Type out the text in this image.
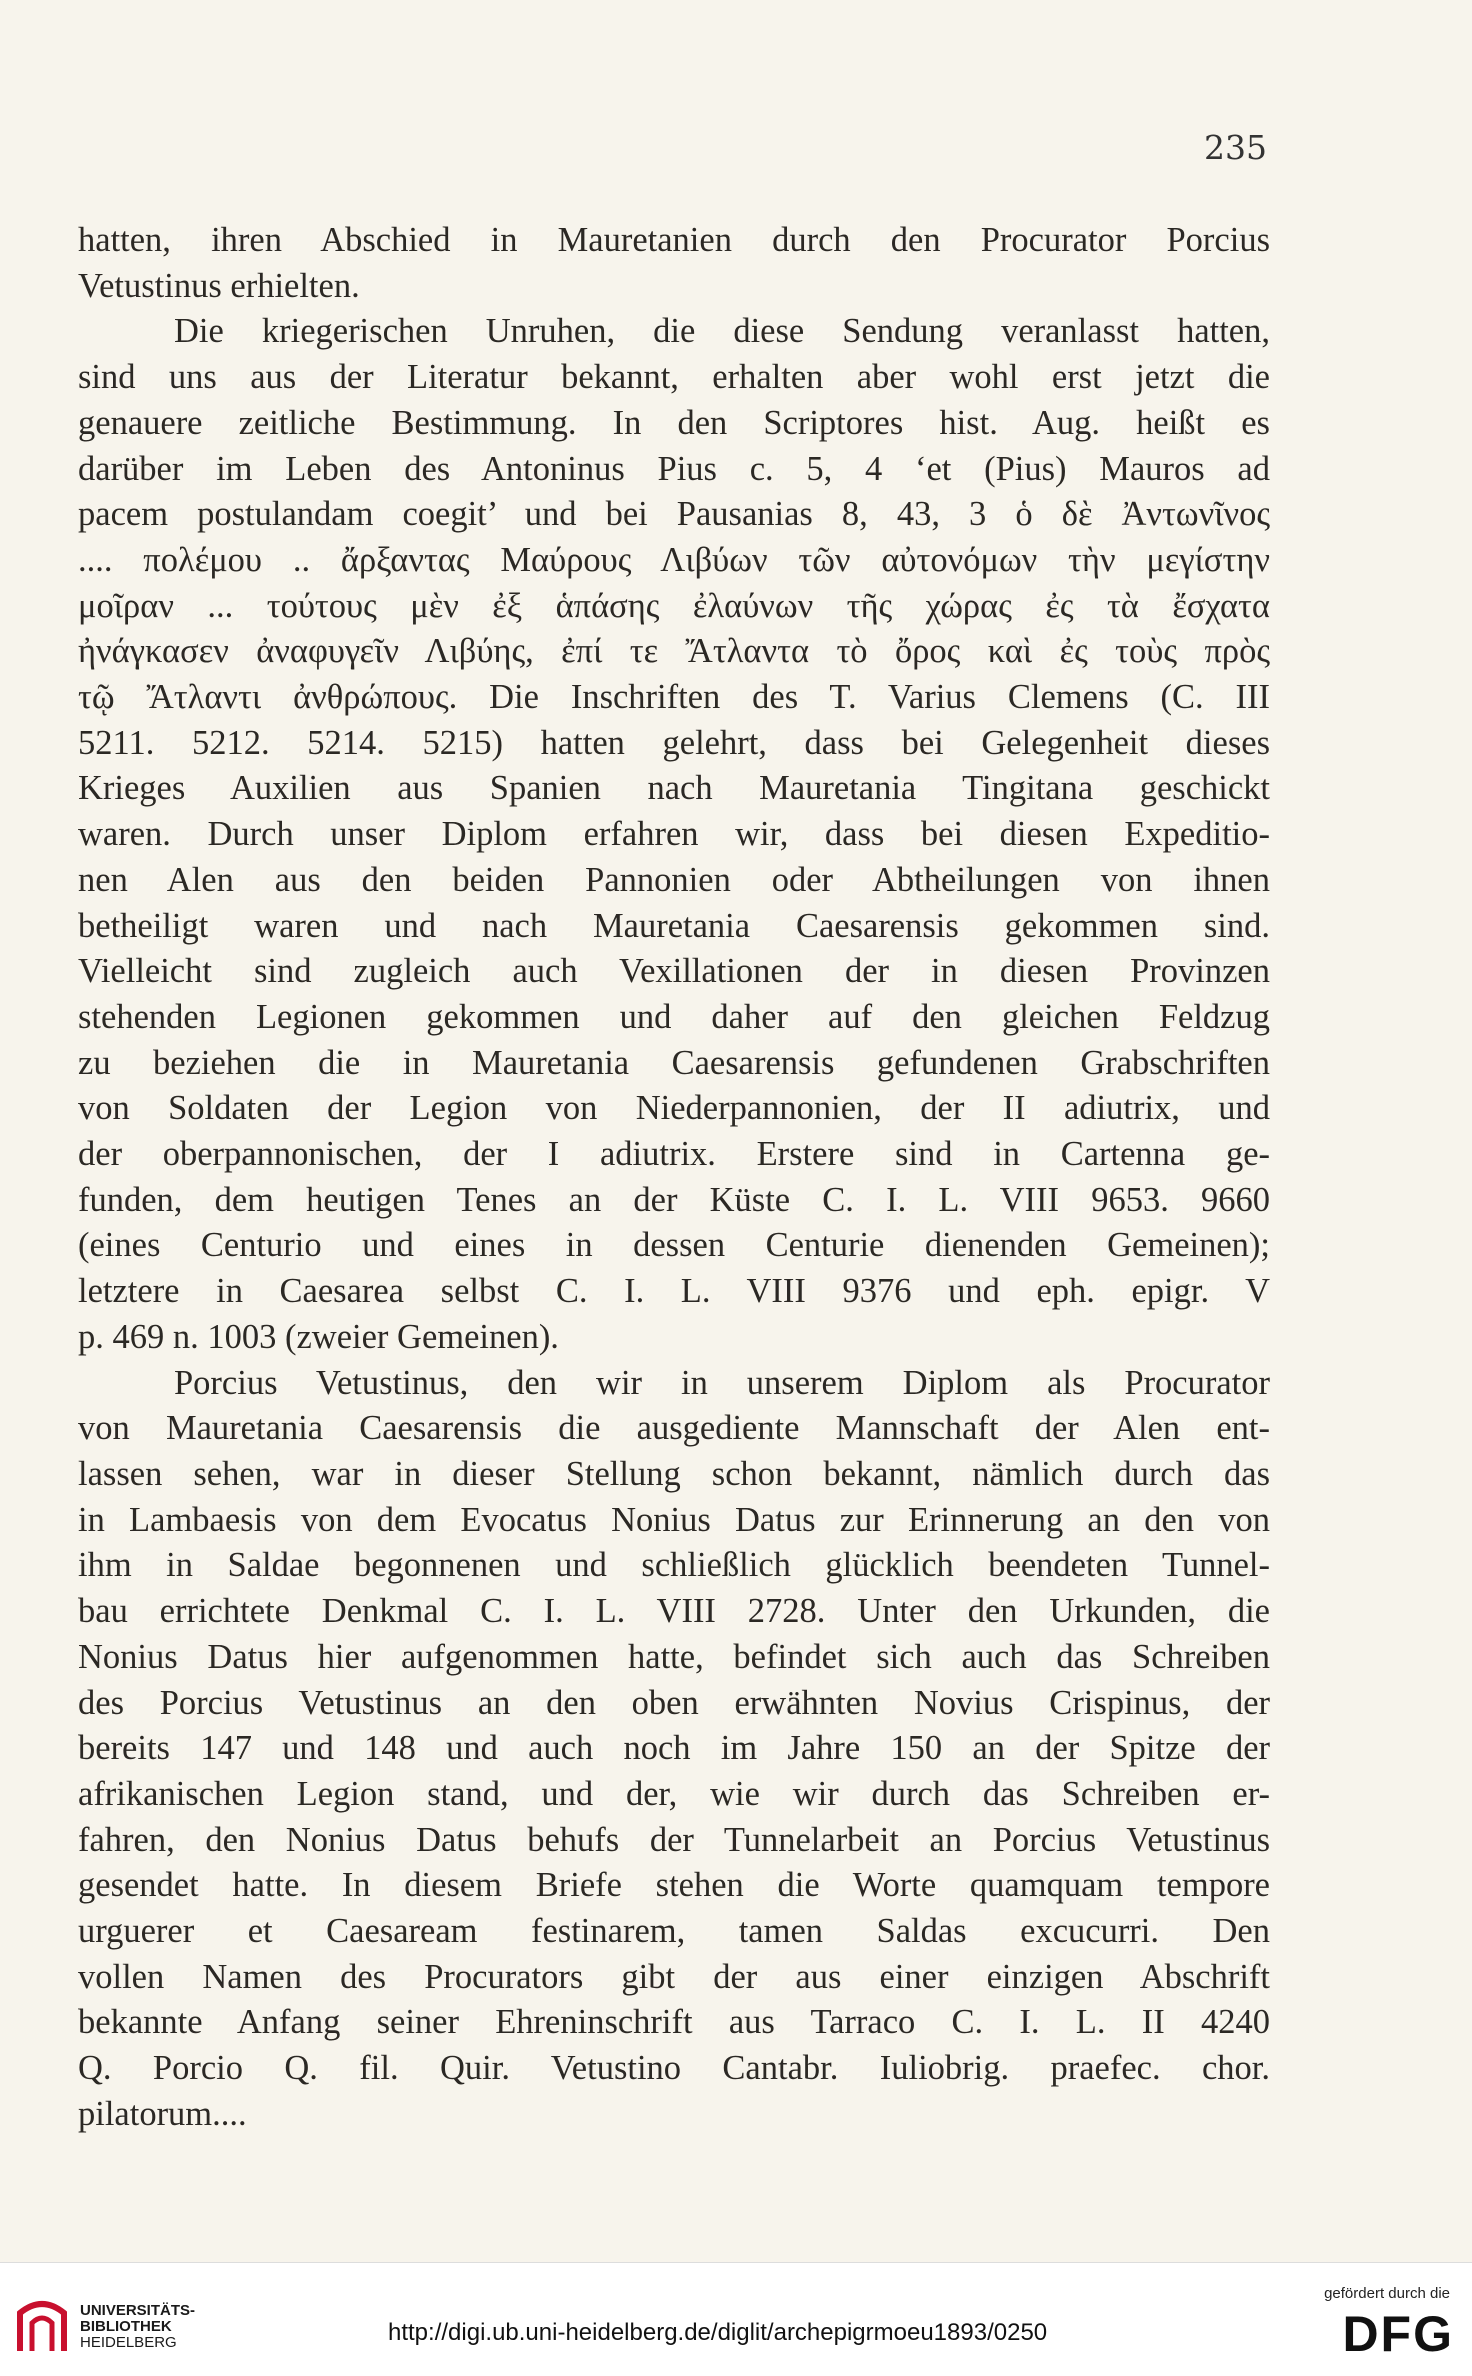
235
hatten, ihren Abschied in Mauretanien durch den Procurator Porcius
Vetustinus erhielten.
Die kriegerischen Unruhen, die diese Sendung veranlasst hatten,
sind uns aus der Literatur bekannt, erhalten aber wohl erst jetzt die
genauere zeitliche Bestimmung. In den Scriptores hist. Aug. heißt es
darüber im Leben des Antoninus Pius c. 5, 4 ‘et (Pius) Mauros ad
pacem postulandam coegit’ und bei Pausanias 8, 43, 3 ὁ δὲ Ἀντωνῖνος
.... πολέμου .. ἄρξαντας Μαύρους Λιβύων τῶν αὐτονόμων τὴν μεγίστην
μοῖραν ... τούτους μὲν ἐξ ἁπάσης ἐλαύνων τῆς χώρας ἐς τὰ ἔσχατα
ἠνάγκασεν ἀναφυγεῖν Λιβύης, ἐπί τε Ἄτλαντα τὸ ὄρος καὶ ἐς τοὺς πρὸς
τῷ Ἄτλαντι ἀνθρώπους. Die Inschriften des T. Varius Clemens (C. III
5211. 5212. 5214. 5215) hatten gelehrt, dass bei Gelegenheit dieses
Krieges Auxilien aus Spanien nach Mauretania Tingitana geschickt
waren. Durch unser Diplom erfahren wir, dass bei diesen Expeditio-
nen Alen aus den beiden Pannonien oder Abtheilungen von ihnen
betheiligt waren und nach Mauretania Caesarensis gekommen sind.
Vielleicht sind zugleich auch Vexillationen der in diesen Provinzen
stehenden Legionen gekommen und daher auf den gleichen Feldzug
zu beziehen die in Mauretania Caesarensis gefundenen Grabschriften
von Soldaten der Legion von Niederpannonien, der II adiutrix, und
der oberpannonischen, der I adiutrix. Erstere sind in Cartenna ge-
funden, dem heutigen Tenes an der Küste C. I. L. VIII 9653. 9660
(eines Centurio und eines in dessen Centurie dienenden Gemeinen);
letztere in Caesarea selbst C. I. L. VIII 9376 und eph. epigr. V
p. 469 n. 1003 (zweier Gemeinen).
Porcius Vetustinus, den wir in unserem Diplom als Procurator
von Mauretania Caesarensis die ausgediente Mannschaft der Alen ent-
lassen sehen, war in dieser Stellung schon bekannt, nämlich durch das
in Lambaesis von dem Evocatus Nonius Datus zur Erinnerung an den von
ihm in Saldae begonnenen und schließlich glücklich beendeten Tunnel-
bau errichtete Denkmal C. I. L. VIII 2728. Unter den Urkunden, die
Nonius Datus hier aufgenommen hatte, befindet sich auch das Schreiben
des Porcius Vetustinus an den oben erwähnten Novius Crispinus, der
bereits 147 und 148 und auch noch im Jahre 150 an der Spitze der
afrikanischen Legion stand, und der, wie wir durch das Schreiben er-
fahren, den Nonius Datus behufs der Tunnelarbeit an Porcius Vetustinus
gesendet hatte. In diesem Briefe stehen die Worte quamquam tempore
urguerer et Caesaream festinarem, tamen Saldas excucurri. Den
vollen Namen des Procurators gibt der aus einer einzigen Abschrift
bekannte Anfang seiner Ehreninschrift aus Tarraco C. I. L. II 4240
Q. Porcio Q. fil. Quir. Vetustino Cantabr. Iuliobrig. praefec. chor.
pilatorum....
UNIVERSITÄTS-
BIBLIOTHEK
HEIDELBERG	http://digi.ub.uni-heidelberg.de/diglit/archepigrmoeu1893/0250
gefördert durch die
DFG
